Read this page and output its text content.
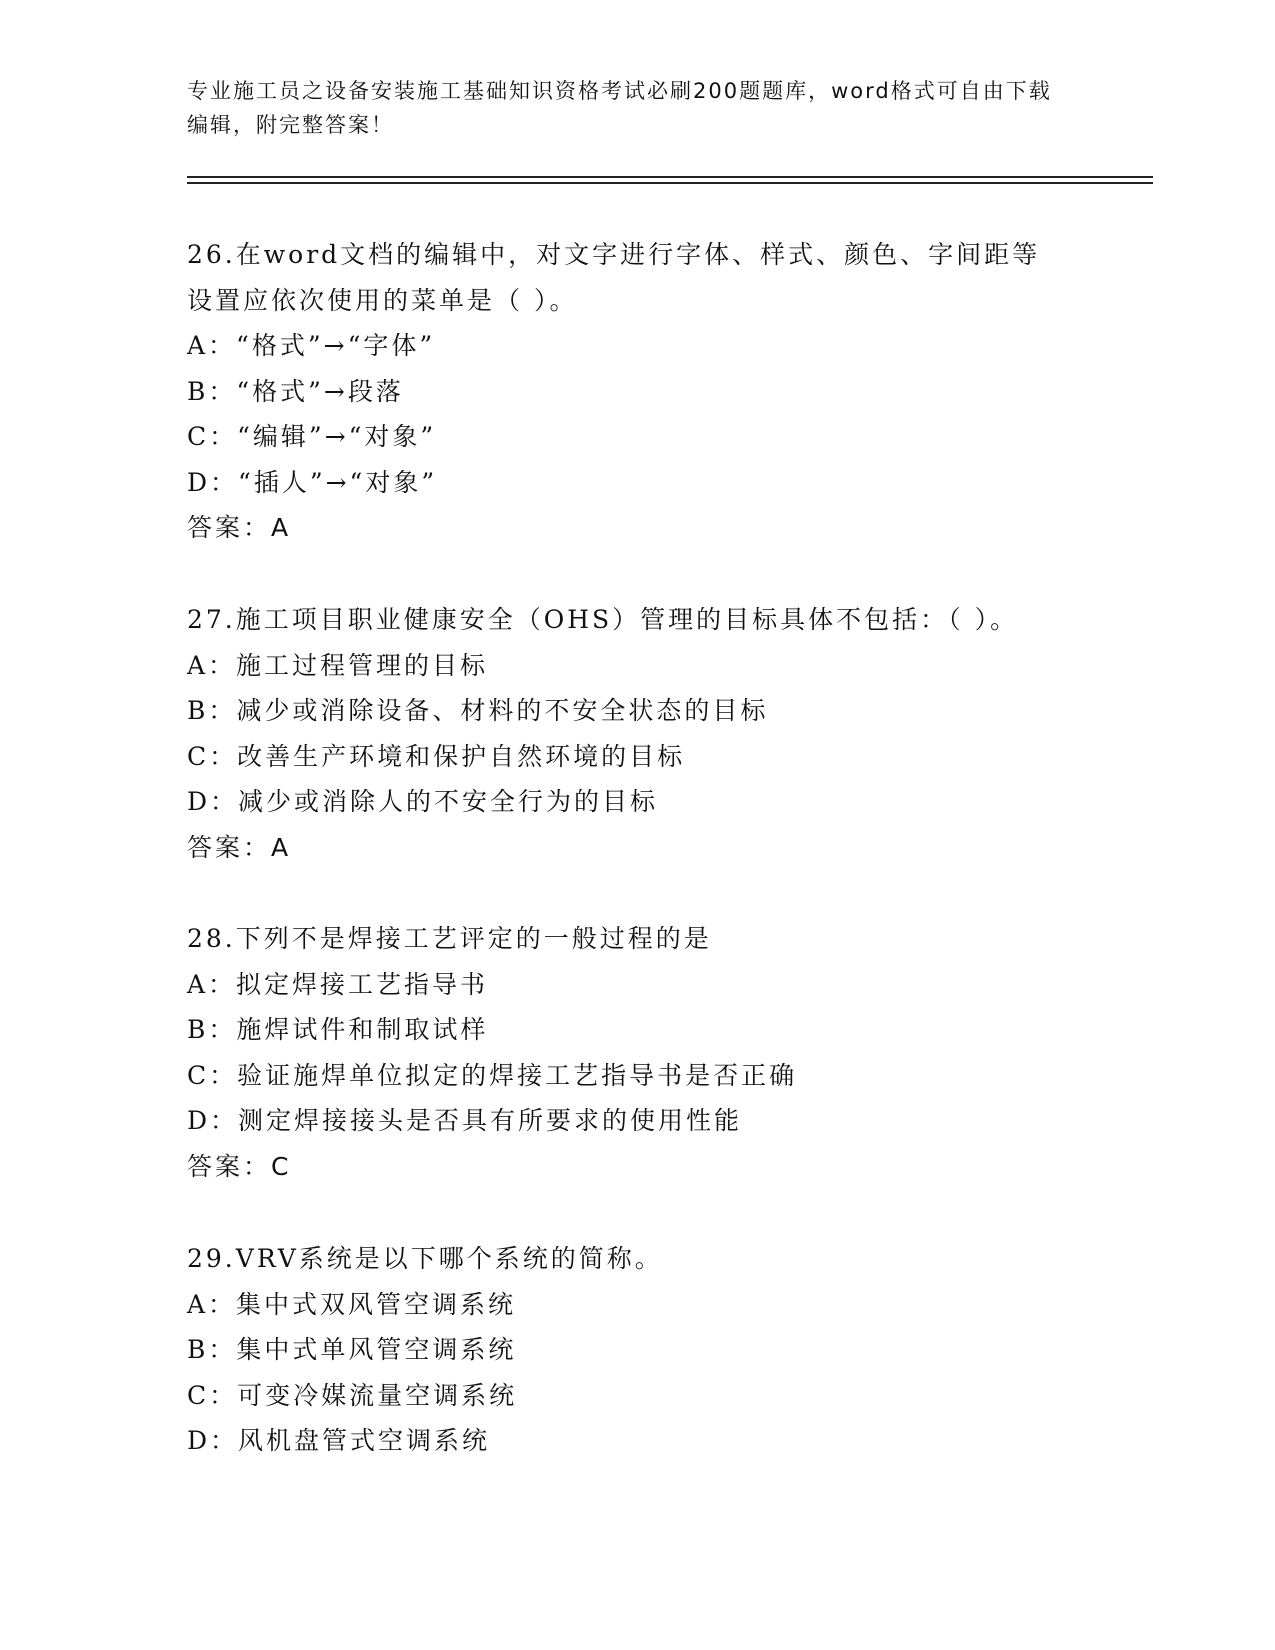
专业施工员之设备安装施工基础知识资格考试必刷200题题库，word格式可自由下载编辑，附完整答案！
26.在word文档的编辑中，对文字进行字体、样式、颜色、字间距等设置应依次使用的菜单是（ ）。
A：“格式”→“字体”
B：“格式”→段落
C：“编辑”→“对象”
D：“插人”→“对象”
答案：A
27.施工项目职业健康安全（OHS）管理的目标具体不包括：（ ）。
A：施工过程管理的目标
B：减少或消除设备、材料的不安全状态的目标
C：改善生产环境和保护自然环境的目标
D：减少或消除人的不安全行为的目标
答案：A
28.下列不是焊接工艺评定的一般过程的是
A：拟定焊接工艺指导书
B：施焊试件和制取试样
C：验证施焊单位拟定的焊接工艺指导书是否正确
D：测定焊接接头是否具有所要求的使用性能
答案：C
29.VRV系统是以下哪个系统的简称。
A：集中式双风管空调系统
B：集中式单风管空调系统
C：可变冷媒流量空调系统
D：风机盘管式空调系统
